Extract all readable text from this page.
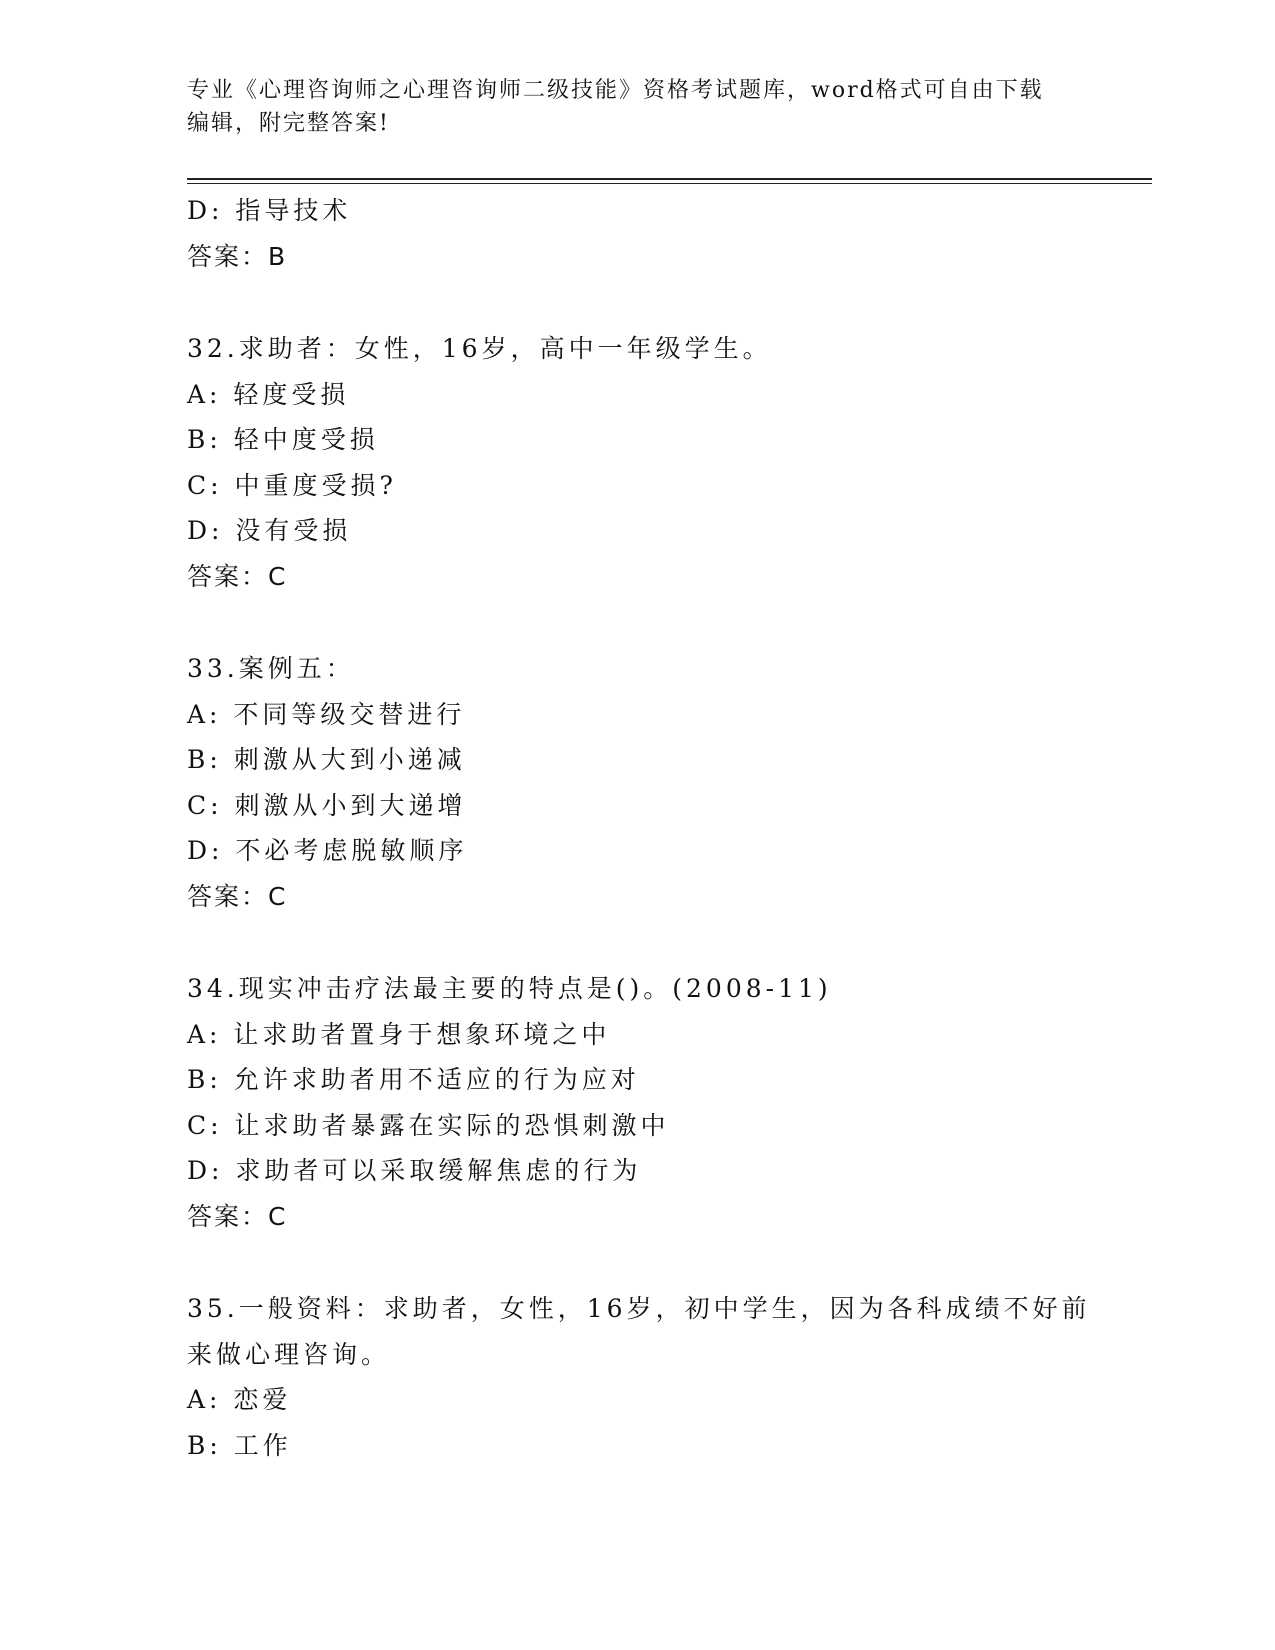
专业《心理咨询师之心理咨询师二级技能》资格考试题库，word格式可自由下载
编辑，附完整答案!
D: 指导技术
答案：B
32.求助者：女性，16岁，高中一年级学生。
A: 轻度受损
B: 轻中度受损
C: 中重度受损?
D: 没有受损
答案：C
33.案例五：
A: 不同等级交替进行
B: 刺激从大到小递减
C: 刺激从小到大递增
D: 不必考虑脱敏顺序
答案：C
34.现实冲击疗法最主要的特点是()。(2008-11)
A: 让求助者置身于想象环境之中
B: 允许求助者用不适应的行为应对
C: 让求助者暴露在实际的恐惧刺激中
D: 求助者可以采取缓解焦虑的行为
答案：C
35.一般资料：求助者，女性，16岁，初中学生，因为各科成绩不好前
来做心理咨询。
A: 恋爱
B: 工作
